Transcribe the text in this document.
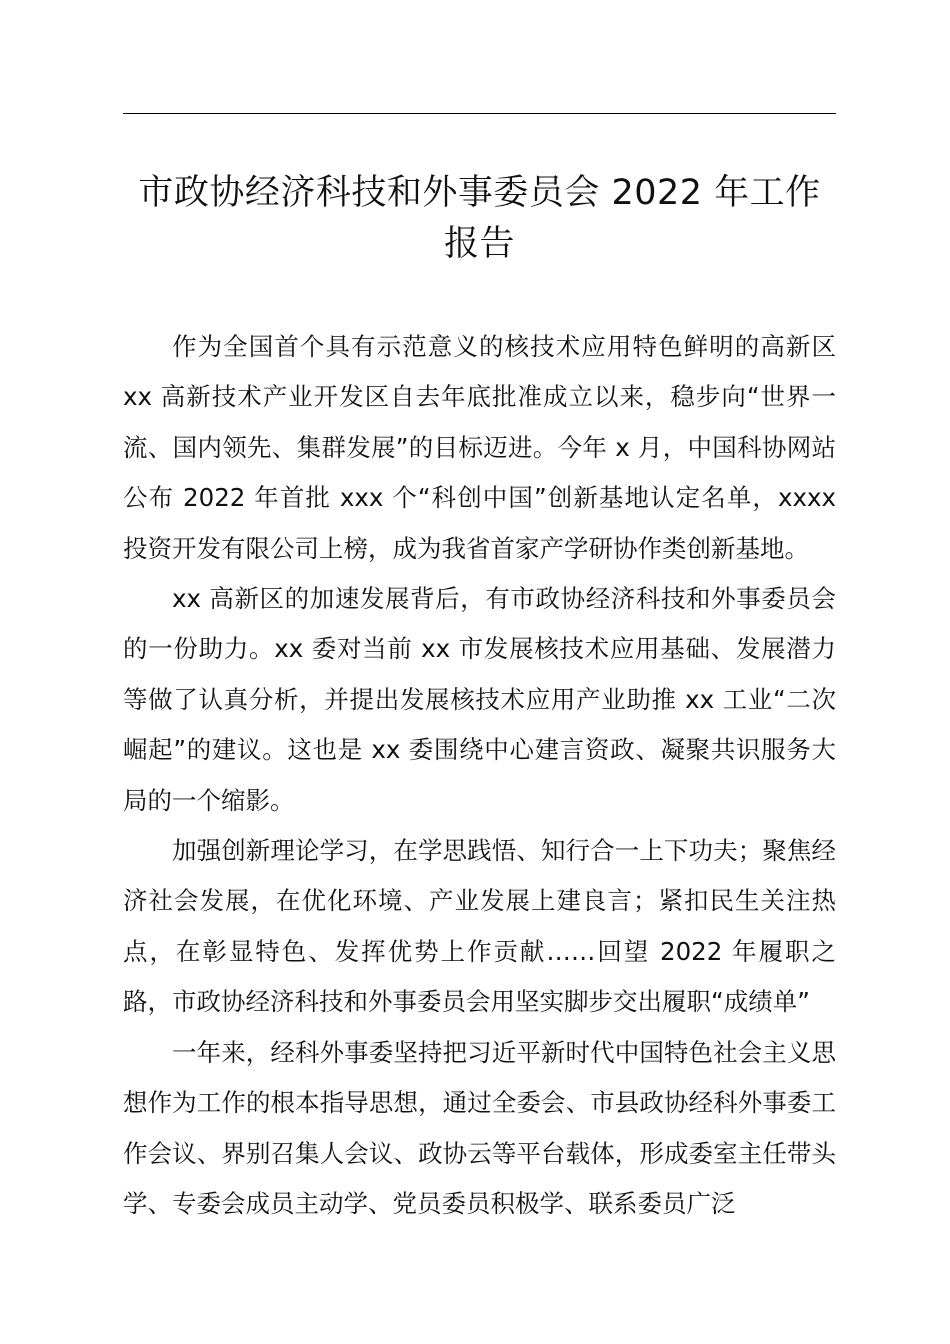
市政协经济科技和外事委员会 2022 年工作报告

作为全国首个具有示范意义的核技术应用特色鲜明的高新区 xx 高新技术产业开发区自去年底批准成立以来，稳步向“世界一流、国内领先、集群发展”的目标迈进。今年 x 月，中国科协网站公布 2022 年首批 xxx 个“科创中国”创新基地认定名单，xxxx 投资开发有限公司上榜，成为我省首家产学研协作类创新基地。

xx 高新区的加速发展背后，有市政协经济科技和外事委员会的一份助力。xx 委对当前 xx 市发展核技术应用基础、发展潜力等做了认真分析，并提出发展核技术应用产业助推 xx 工业“二次崛起”的建议。这也是 xx 委围绕中心建言资政、凝聚共识服务大局的一个缩影。

加强创新理论学习，在学思践悟、知行合一上下功夫；聚焦经济社会发展，在优化环境、产业发展上建良言；紧扣民生关注热点，在彰显特色、发挥优势上作贡献……回望 2022 年履职之路，市政协经济科技和外事委员会用坚实脚步交出履职“成绩单”

一年来，经科外事委坚持把习近平新时代中国特色社会主义思想作为工作的根本指导思想，通过全委会、市县政协经科外事委工作会议、界别召集人会议、政协云等平台载体，形成委室主任带头学、专委会成员主动学、党员委员积极学、联系委员广泛
